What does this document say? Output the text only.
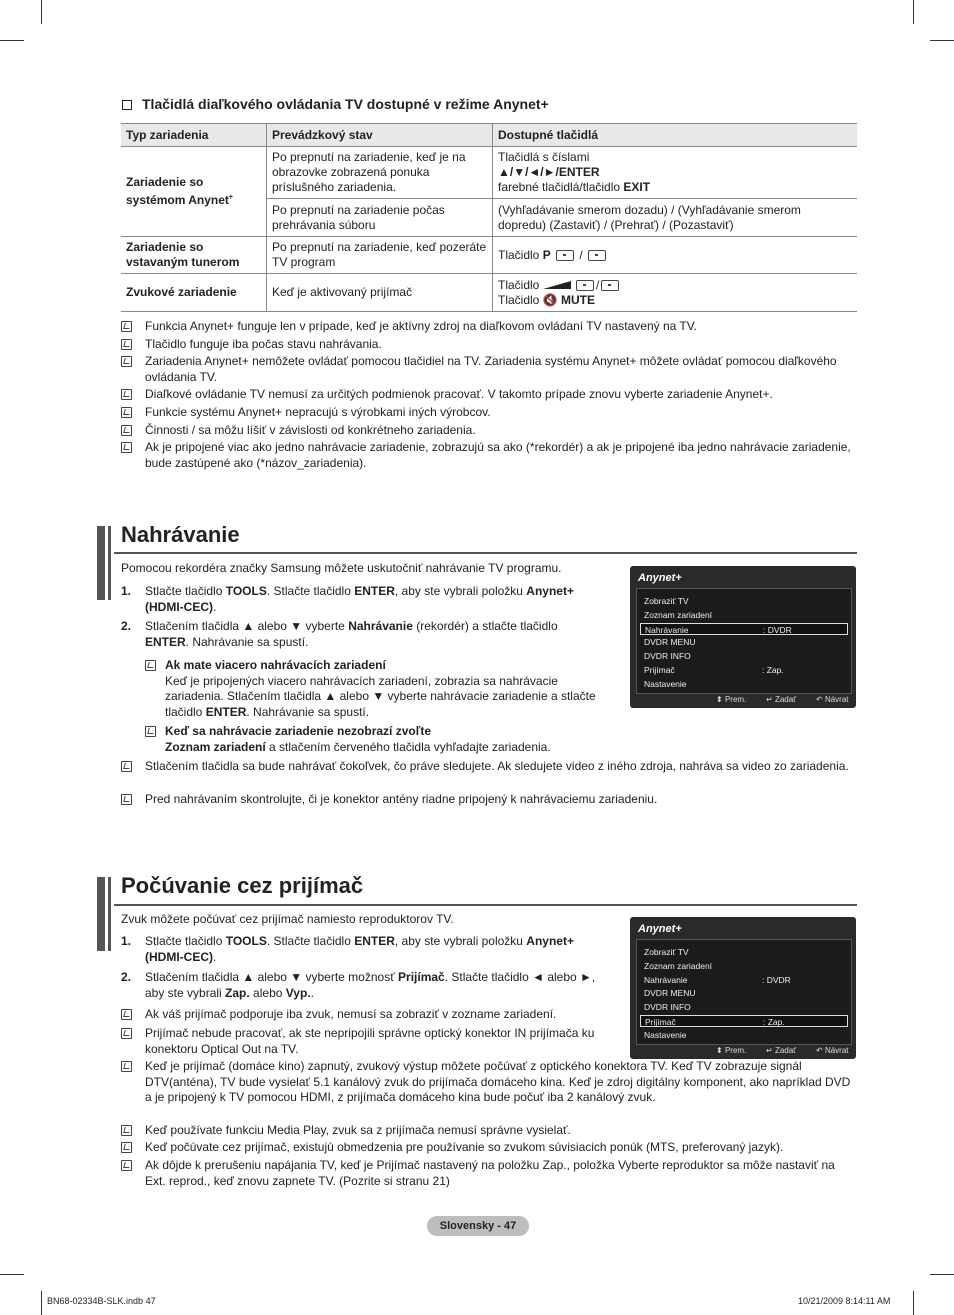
Tlačidlá diaľkového ovládania TV dostupné v režime Anynet+
Typ zariadenia	Prevádzkový stav	Dostupné tlačidlá
Zariadenie so systémom Anynet+	Po prepnutí na zariadenie, keď je na obrazovke zobrazená ponuka príslušného zariadenia.	Tlačidlá s číslami
▲/▼/◄/►/ENTER
farebné tlačidlá/tlačidlo EXIT

	Po prepnutí na zariadenie počas prehrávania súboru	(Vyhľadávanie smerom dozadu) / (Vyhľadávanie smerom dopredu) (Zastaviť) / (Prehrať) / (Pozastaviť)
Zariadenie so vstavaným tunerom	Po prepnutí na zariadenie, keď pozeráte TV program	Tlačidlo P  /
Zvukové zariadenie	Keď je aktivovaný prijímač	Tlačidlo /
Tlačidlo 🔇 MUTE
Funkcia Anynet+ funguje len v prípade, keď je aktívny zdroj na diaľkovom ovládaní TV nastavený na TV.
Tlačidlo funguje iba počas stavu nahrávania.
Zariadenia Anynet+ nemôžete ovládať pomocou tlačidiel na TV. Zariadenia systému Anynet+ môžete ovládať pomocou diaľkového ovládania TV.
Diaľkové ovládanie TV nemusí za určitých podmienok pracovať. V takomto prípade znovu vyberte zariadenie Anynet+.
Funkcie systému Anynet+ nepracujú s výrobkami iných výrobcov.
Činnosti / sa môžu líšiť v závislosti od konkrétneho zariadenia.
Ak je pripojené viac ako jedno nahrávacie zariadenie, zobrazujú sa ako (*rekordér) a ak je pripojené iba jedno nahrávacie zariadenie, bude zastúpené ako (*názov_zariadenia).
Nahrávanie
Pomocou rekordéra značky Samsung môžete uskutočniť nahrávanie TV programu.
1. Stlačte tlačidlo TOOLS. Stlačte tlačidlo ENTER, aby ste vybrali položku Anynet+ (HDMI-CEC).
2. Stlačením tlačidla ▲ alebo ▼ vyberte Nahrávanie (rekordér) a stlačte tlačidlo
ENTER. Nahrávanie sa spustí.
Ak mate viacero nahrávacích zariadení
Keď je pripojených viacero nahrávacích zariadení, zobrazia sa nahrávacie zariadenia. Stlačením tlačidla ▲ alebo ▼ vyberte nahrávacie zariadenie a stlačte tlačidlo ENTER. Nahrávanie sa spustí.
Keď sa nahrávacie zariadenie nezobrazí zvoľte
Zoznam zariadení a stlačením červeného tlačidla vyhľadajte zariadenia.
Stlačením tlačidla sa bude nahrávať čokoľvek, čo práve sledujete. Ak sledujete video z iného zdroja, nahráva sa video zo zariadenia.
Pred nahrávaním skontrolujte, či je konektor antény riadne pripojený k nahrávaciemu zariadeniu.
Anynet+
Zobraziť TV
Zoznam zariadení
Nahrávanie	: DVDR
DVDR MENU
DVDR INFO
Prijímač	: Zap.
Nastavenie
⬍ Prem. ↵ Zadať ↶ Návrat
Počúvanie cez prijímač
Zvuk môžete počúvať cez prijímač namiesto reproduktorov TV.
1. Stlačte tlačidlo TOOLS. Stlačte tlačidlo ENTER, aby ste vybrali položku Anynet+ (HDMI-CEC).
2. Stlačením tlačidla ▲ alebo ▼ vyberte možnosť Prijímač. Stlačte tlačidlo ◄ alebo ►, aby ste vybrali Zap. alebo Vyp..
Ak váš prijímač podporuje iba zvuk, nemusí sa zobraziť v zozname zariadení.
Prijímač nebude pracovať, ak ste nepripojili správne optický konektor IN prijímača ku konektoru Optical Out na TV.
Keď je prijímač (domáce kino) zapnutý, zvukový výstup môžete počúvať z optického konektora TV. Keď TV zobrazuje signál DTV(anténa), TV bude vysielať 5.1 kanálový zvuk do prijímača domáceho kina. Keď je zdroj digitálny komponent, ako napríklad DVD a je pripojený k TV pomocou HDMI, z prijímača domáceho kina bude počuť iba 2 kanálový zvuk.
Keď používate funkciu Media Play, zvuk sa z prijímača nemusí správne vysielať.
Keď počúvate cez prijímač, existujú obmedzenia pre používanie so zvukom súvisiacich ponúk (MTS, preferovaný jazyk).
Ak dôjde k prerušeniu napájania TV, keď je Prijímač nastavený na položku Zap., položka Vyberte reproduktor sa môže nastaviť na Ext. reprod., keď znovu zapnete TV. (Pozrite si stranu 21)
Anynet+
Zobraziť TV
Zoznam zariadení
Nahrávanie	: DVDR
DVDR MENU
DVDR INFO
Prijímač	: Zap.
Nastavenie
⬍ Prem. ↵ Zadať ↶ Návrat
Slovensky - 47
BN68-02334B-SLK.indb 47	10/21/2009 8:14:11 AM
